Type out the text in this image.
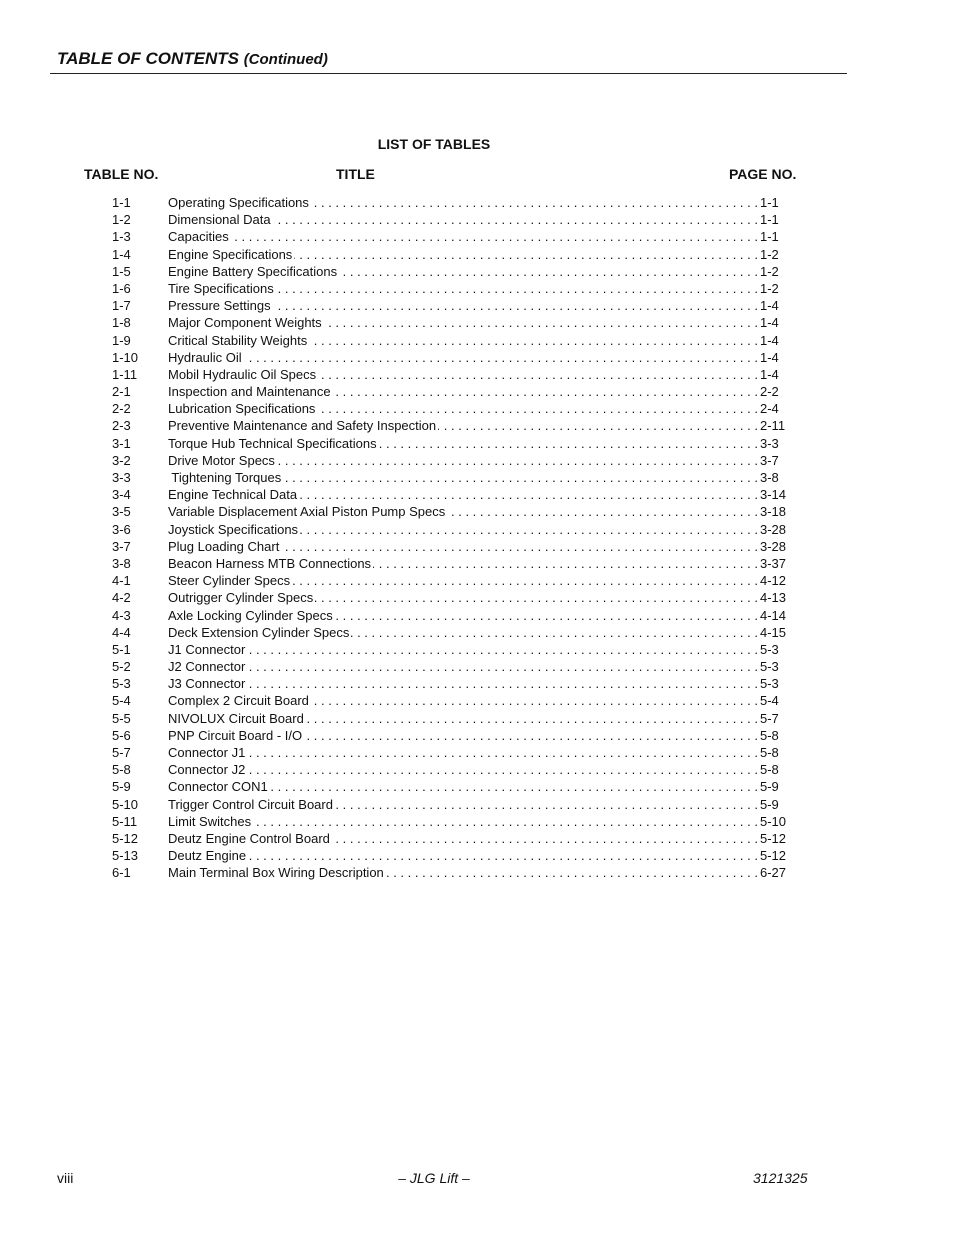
TABLE OF CONTENTS (Continued)
LIST OF TABLES
TABLE NO.	TITLE	PAGE NO.
1-1	Operating Specifications . . .	1-1
1-2	Dimensional Data . . .	1-1
1-3	Capacities . . .	1-1
1-4	Engine Specifications . . .	1-2
1-5	Engine Battery Specifications . . .	1-2
1-6	Tire Specifications . . .	1-2
1-7	Pressure Settings . . .	1-4
1-8	Major Component Weights . . .	1-4
1-9	Critical Stability Weights . . .	1-4
1-10	Hydraulic Oil . . .	1-4
1-11	Mobil Hydraulic Oil Specs . . .	1-4
2-1	Inspection and Maintenance . . .	2-2
2-2	Lubrication Specifications . . .	2-4
2-3	Preventive Maintenance and Safety Inspection . . .	2-11
3-1	Torque Hub Technical Specifications . . .	3-3
3-2	Drive Motor Specs . . .	3-7
3-3	Tightening Torques . . .	3-8
3-4	Engine Technical Data . . .	3-14
3-5	Variable Displacement Axial Piston Pump Specs . . .	3-18
3-6	Joystick Specifications . . .	3-28
3-7	Plug Loading Chart . . .	3-28
3-8	Beacon Harness MTB Connections . . .	3-37
4-1	Steer Cylinder Specs . . .	4-12
4-2	Outrigger Cylinder Specs . . .	4-13
4-3	Axle Locking Cylinder Specs . . .	4-14
4-4	Deck Extension Cylinder Specs . . .	4-15
5-1	J1 Connector . . .	5-3
5-2	J2 Connector . . .	5-3
5-3	J3 Connector . . .	5-3
5-4	Complex 2 Circuit Board . . .	5-4
5-5	NIVOLUX Circuit Board . . .	5-7
5-6	PNP Circuit Board - I/O . . .	5-8
5-7	Connector J1 . . .	5-8
5-8	Connector J2 . . .	5-8
5-9	Connector CON1 . . .	5-9
5-10	Trigger Control Circuit Board . . .	5-9
5-11	Limit Switches . . .	5-10
5-12	Deutz Engine Control Board . . .	5-12
5-13	Deutz Engine . . .	5-12
6-1	Main Terminal Box Wiring Description . . .	6-27
viii	– JLG Lift –	3121325
